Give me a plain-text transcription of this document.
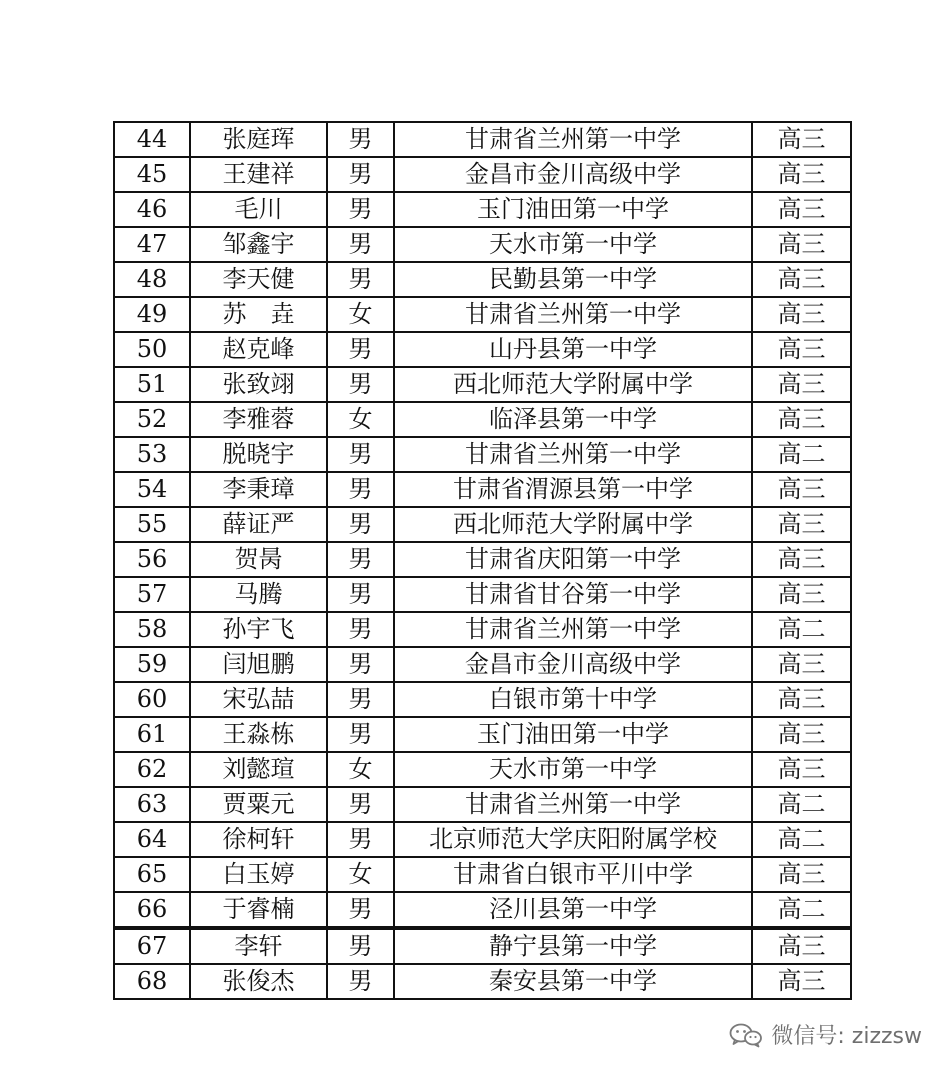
44	张庭珲	男	甘肃省兰州第一中学	高三
45	王建祥	男	金昌市金川高级中学	高三
46	毛川	男	玉门油田第一中学	高三
47	邹鑫宇	男	天水市第一中学	高三
48	李天健	男	民勤县第一中学	高三
49	苏　垚	女	甘肃省兰州第一中学	高三
50	赵克峰	男	山丹县第一中学	高三
51	张致翊	男	西北师范大学附属中学	高三
52	李雅蓉	女	临泽县第一中学	高三
53	脱晓宇	男	甘肃省兰州第一中学	高二
54	李秉璋	男	甘肃省渭源县第一中学	高三
55	薛证严	男	西北师范大学附属中学	高三
56	贺昺	男	甘肃省庆阳第一中学	高三
57	马腾	男	甘肃省甘谷第一中学	高三
58	孙宇飞	男	甘肃省兰州第一中学	高二
59	闫旭鹏	男	金昌市金川高级中学	高三
60	宋弘喆	男	白银市第十中学	高三
61	王淼栋	男	玉门油田第一中学	高三
62	刘懿瑄	女	天水市第一中学	高三
63	贾粟元	男	甘肃省兰州第一中学	高二
64	徐柯轩	男	北京师范大学庆阳附属学校	高二
65	白玉婷	女	甘肃省白银市平川中学	高三
66	于睿楠	男	泾川县第一中学	高二
67	李轩	男	静宁县第一中学	高三
68	张俊杰	男	秦安县第一中学	高三
微信号: zizzsw
